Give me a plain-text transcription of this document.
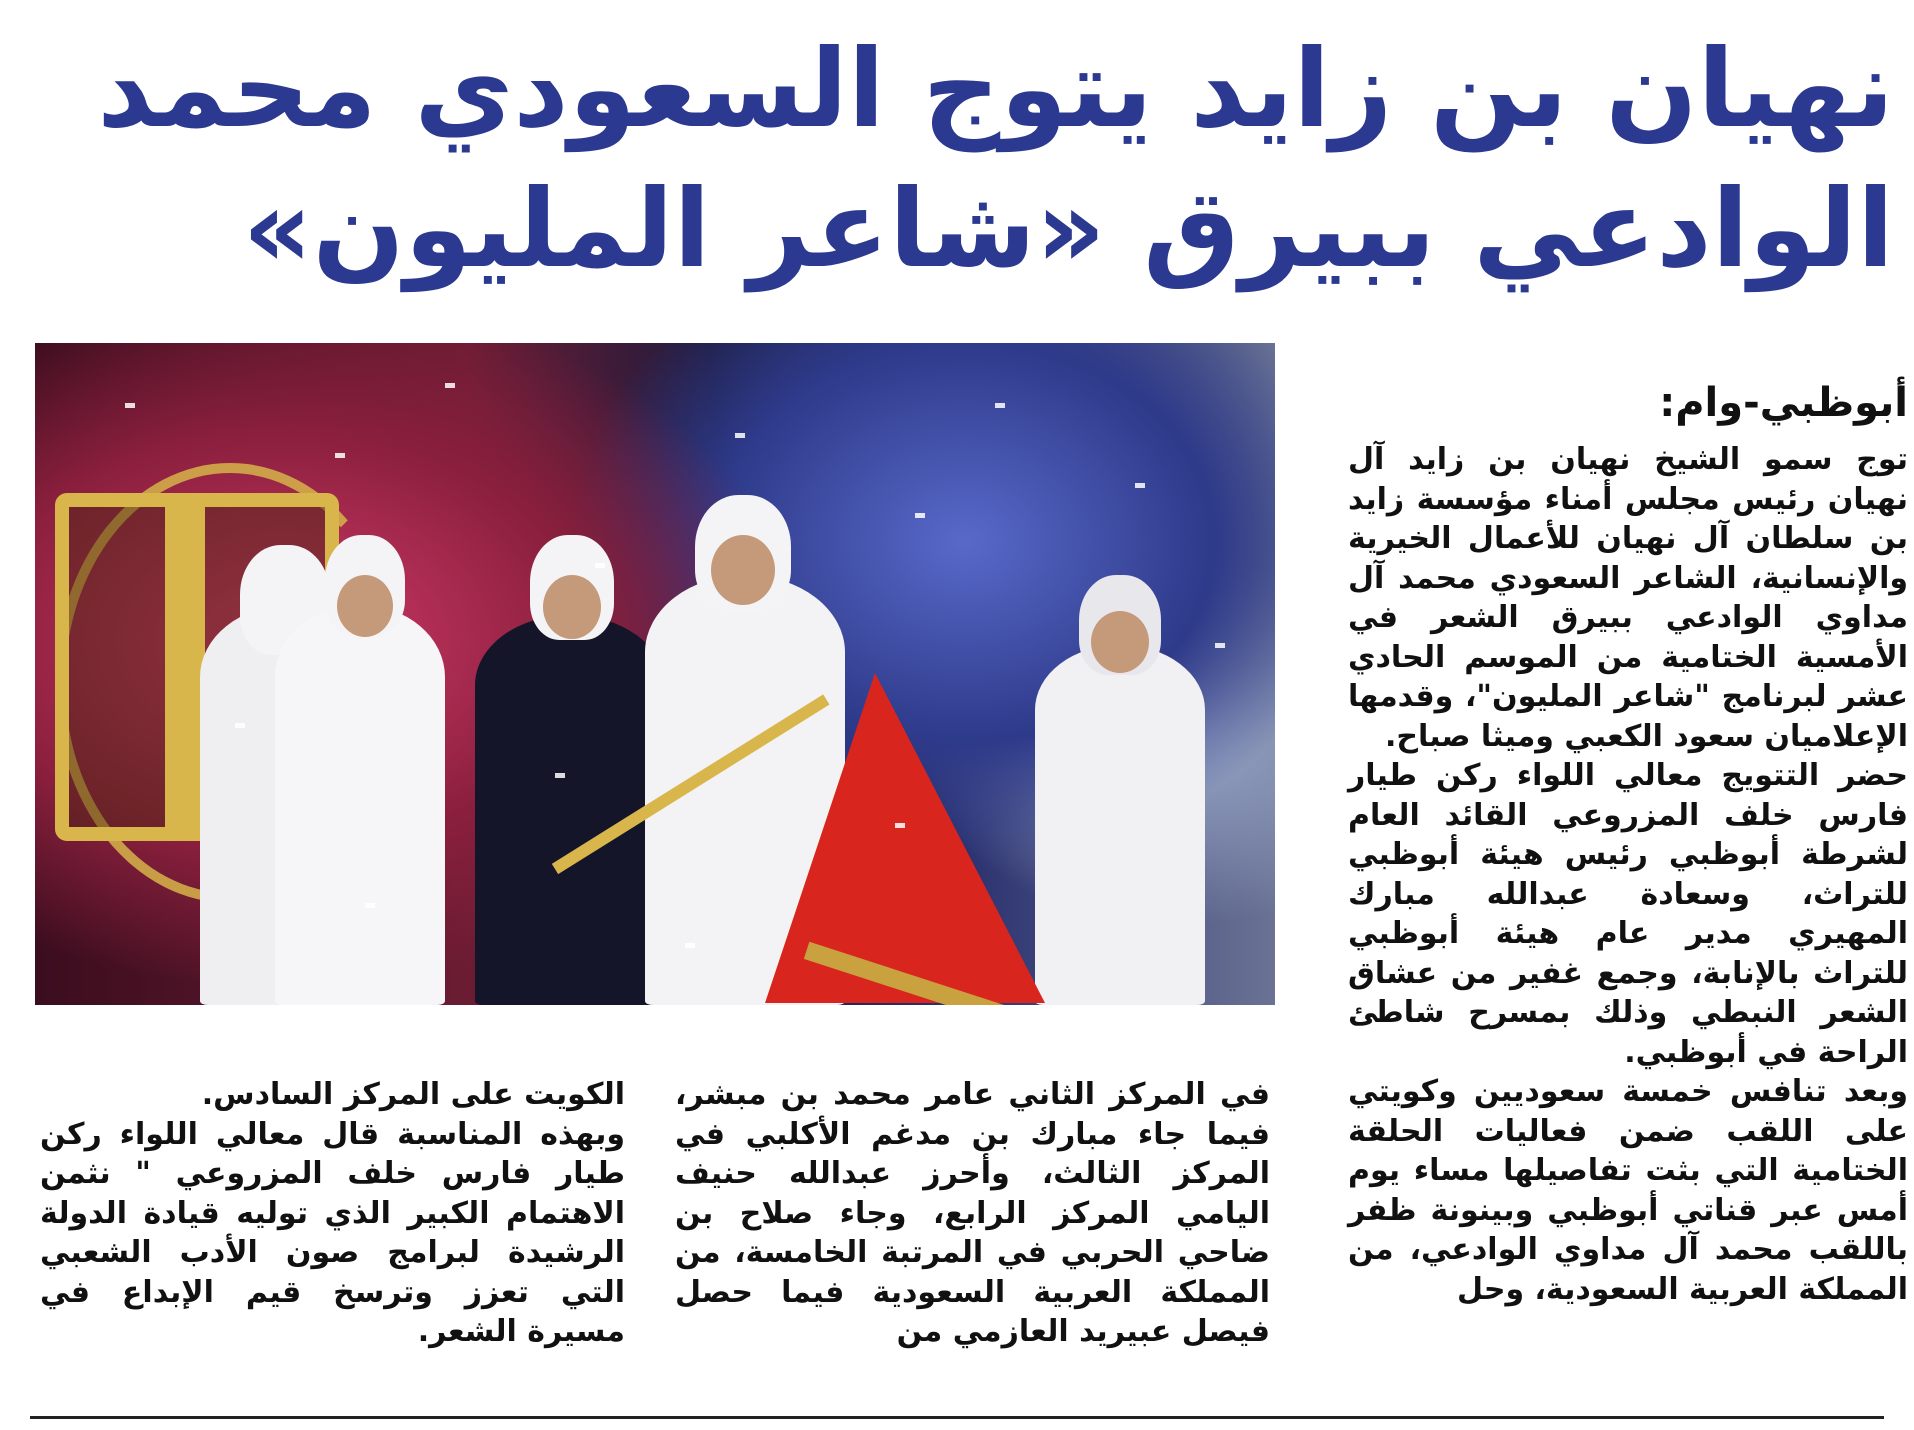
نهيان بن زايد يتوج السعودي محمد
الوادعي ببيرق «شاعر المليون»
أبوظبي-وام:

توج سمو الشيخ نهيان بن زايد آل نهيان رئيس مجلس أمناء مؤسسة زايد بن سلطان آل نهيان للأعمال الخيرية والإنسانية، الشاعر السعودي محمد آل مداوي الوادعي ببيرق الشعر في الأمسية الختامية من الموسم الحادي عشر لبرنامج "شاعر المليون"، وقدمها الإعلاميان سعود الكعبي وميثا صباح.

حضر التتويج معالي اللواء ركن طيار فارس خلف المزروعي القائد العام لشرطة أبوظبي رئيس هيئة أبوظبي للتراث، وسعادة عبدالله مبارك المهيري مدير عام هيئة أبوظبي للتراث بالإنابة، وجمع غفير من عشاق الشعر النبطي وذلك بمسرح شاطئ الراحة في أبوظبي.

وبعد تنافس خمسة سعوديين وكويتي على اللقب ضمن فعاليات الحلقة الختامية التي بثت تفاصيلها مساء يوم أمس عبر قناتي أبوظبي وبينونة ظفر باللقب محمد آل مداوي الوادعي، من المملكة العربية السعودية، وحل

في المركز الثاني عامر محمد بن مبشر، فيما جاء مبارك بن مدغم الأكلبي في المركز الثالث، وأحرز عبدالله حنيف اليامي المركز الرابع، وجاء صلاح بن ضاحي الحربي في المرتبة الخامسة، من المملكة العربية السعودية فيما حصل فيصل عبيريد العازمي من

الكويت على المركز السادس.

وبهذه المناسبة قال معالي اللواء ركن طيار فارس خلف المزروعي " نثمن الاهتمام الكبير الذي توليه قيادة الدولة الرشيدة لبرامج صون الأدب الشعبي التي تعزز وترسخ قيم الإبداع في مسيرة الشعر.
